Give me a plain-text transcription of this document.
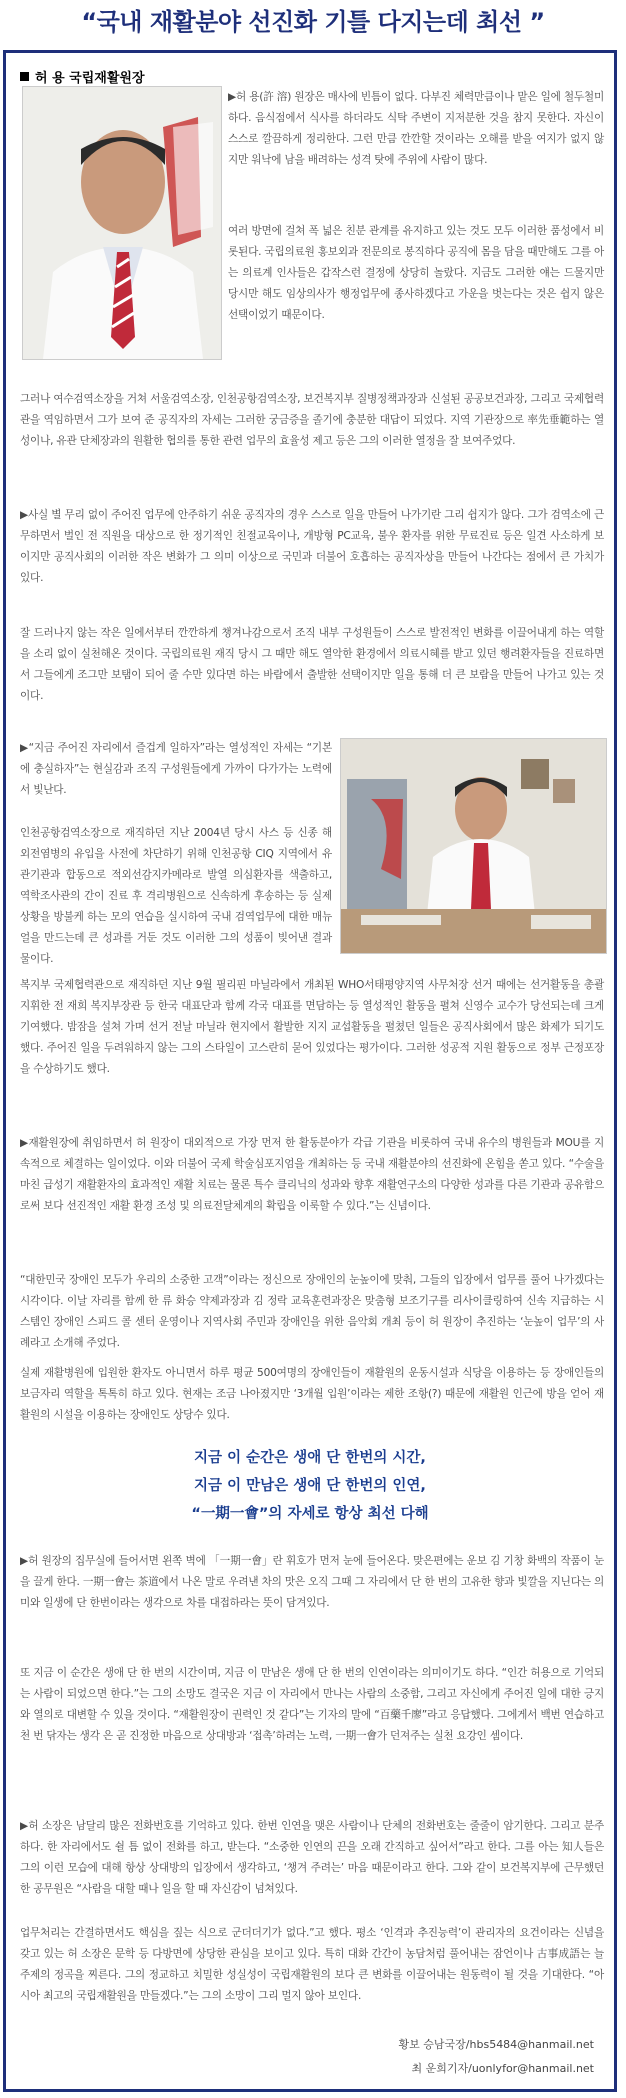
“국내 재활분야 선진화 기틀 다지는데 최선 ”
허 용 국립재활원장
▶허 용(許 溶) 원장은 매사에 빈틈이 없다. 다부진 체력만큼이나 맡은 일에 철두철미하다. 음식점에서 식사를 하더라도 식탁 주변이 지저분한 것을 참지 못한다. 자신이 스스로 깔끔하게 정리한다. 그런 만큼 깐깐할 것이라는 오해를 받을 여지가 없지 않지만 워낙에 남을 배려하는 성격 탓에 주위에 사람이 많다.
여러 방면에 걸쳐 폭 넓은 친분 관계를 유지하고 있는 것도 모두 이러한 품성에서 비롯된다. 국립의료원 홍보외과 전문의로 봉직하다 공직에 몸을 담을 때만해도 그를 아는 의료계 인사들은 갑작스런 결정에 상당히 놀랐다. 지금도 그러한 얘는 드물지만 당시만 해도 임상의사가 행정업무에 종사하겠다고 가운을 벗는다는 것은 쉽지 않은 선택이었기 때문이다.
그러나 여수검역소장을 거쳐 서울검역소장, 인천공항검역소장, 보건복지부 질병정책과장과 신설된 공공보건과장, 그리고 국제협력관을 역임하면서 그가 보여 준 공직자의 자세는 그러한 궁금증을 졸기에 충분한 대답이 되었다. 지역 기관장으로 率先垂範하는 열성이나, 유관 단체장과의 원활한 협의를 통한 관련 업무의 효율성 제고 등은 그의 이러한 열정을 잘 보여주었다.
▶사실 별 무리 없이 주어진 업무에 안주하기 쉬운 공직자의 경우 스스로 일을 만들어 나가기란 그리 쉽지가 않다. 그가 검역소에 근무하면서 벌인 전 직원을 대상으로 한 정기적인 친절교육이나, 개방형 PC교육, 불우 환자를 위한 무료진료 등은 일견 사소하게 보이지만 공직사회의 이러한 작은 변화가 그 의미 이상으로 국민과 더불어 호흡하는 공직자상을 만들어 나간다는 점에서 큰 가치가 있다.
잘 드러나지 않는 작은 일에서부터 깐깐하게 챙겨나감으로서 조직 내부 구성원들이 스스로 발전적인 변화를 이끌어내게 하는 역할을 소리 없이 실천해온 것이다. 국립의료원 재직 당시 그 때만 해도 열악한 환경에서 의료시혜를 받고 있던 행려환자들을 진료하면서 그들에게 조그만 보탬이 되어 줄 수만 있다면 하는 바람에서 출발한 선택이지만 일을 통해 더 큰 보람을 만들어 나가고 있는 것이다.
▶“지금 주어진 자리에서 즐겁게 일하자”라는 열성적인 자세는 “기본에 충실하자”는 현실감과 조직 구성원들에게 가까이 다가가는 노력에서 빛난다.
인천공항검역소장으로 재직하던 지난 2004년 당시 사스 등 신종 해외전염병의 유입을 사전에 차단하기 위해 인천공항 CIQ 지역에서 유관기관과 합동으로 적외선감지카메라로 발열 의심환자를 색출하고, 역학조사관의 간이 진료 후 격리병원으로 신속하게 후송하는 등 실제 상황을 방불케 하는 모의 연습을 실시하여 국내 검역업무에 대한 매뉴얼을 만드는데 큰 성과를 거둔 것도 이러한 그의 성품이 빚어낸 결과물이다.
복지부 국제협력관으로 재직하던 지난 9월 필리핀 마닐라에서 개최된 WHO서태평양지역 사무처장 선거 때에는 선거활동을 총괄 지휘한 전 재희 복지부장관 등 한국 대표단과 함께 각국 대표를 면담하는 등 열성적인 활동을 펼쳐 신영수 교수가 당선되는데 크게 기여했다. 밤잠을 설쳐 가며 선거 전날 마닐라 현지에서 활발한 지지 교섭활동을 펼쳤던 일들은 공직사회에서 많은 화제가 되기도 했다. 주어진 일을 두려워하지 않는 그의 스타일이 고스란히 묻어 있었다는 평가이다. 그러한 성공적 지원 활동으로 정부 근정포장을 수상하기도 했다.
▶재활원장에 취임하면서 허 원장이 대외적으로 가장 먼저 한 활동분야가 각급 기관을 비롯하여 국내 유수의 병원들과 MOU를 지속적으로 체결하는 일이었다. 이와 더불어 국제 학술심포지엄을 개최하는 등 국내 재활분야의 선진화에 온힘을 쏟고 있다. “수술을 마친 급성기 재활환자의 효과적인 재활 치료는 물론 특수 클리닉의 성과와 향후 재활연구소의 다양한 성과를 다른 기관과 공유함으로써 보다 선진적인 재활 환경 조성 및 의료전달체계의 확립을 이룩할 수 있다.”는 신념이다.
“대한민국 장애인 모두가 우리의 소중한 고객”이라는 정신으로 장애인의 눈높이에 맞춰, 그들의 입장에서 업무를 풀어 나가겠다는 시각이다. 이날 자리를 함께 한 류 화승 약제과장과 김 정락 교육훈련과장은 맞춤형 보조기구를 리사이클링하여 신속 지급하는 시스템인 장애인 스피드 콜 센터 운영이나 지역사회 주민과 장애인을 위한 음악회 개최 등이 허 원장이 추진하는 ‘눈높이 업무’의 사례라고 소개해 주었다.
실제 재활병원에 입원한 환자도 아니면서 하루 평균 500여명의 장애인들이 재활원의 운동시설과 식당을 이용하는 등 장애인들의 보금자리 역할을 톡톡히 하고 있다. 현재는 조금 나아졌지만 ‘3개월 입원’이라는 제한 조항(?) 때문에 재활원 인근에 방을 얻어 재활원의 시설을 이용하는 장애인도 상당수 있다.
지금 이 순간은 생애 단 한번의 시간,
지금 이 만남은 생애 단 한번의 인연,
“一期一會”의 자세로 항상 최선 다해
▶허 원장의 집무실에 들어서면 왼쪽 벽에 「一期一會」란 휘호가 먼저 눈에 들어온다. 맞은편에는 운보 김 기창 화백의 작품이 눈을 끌게 한다. 一期一會는 茶道에서 나온 말로 우려낸 차의 맛은 오직 그때 그 자리에서 단 한 번의 고유한 향과 빛깔을 지닌다는 의미와 일생에 단 한번이라는 생각으로 차를 대접하라는 뜻이 담겨있다.
또 지금 이 순간은 생애 단 한 번의 시간이며, 지금 이 만남은 생애 단 한 번의 인연이라는 의미이기도 하다. “인간 허용으로 기억되는 사람이 되었으면 한다.”는 그의 소망도 결국은 지금 이 자리에서 만나는 사람의 소중함, 그리고 자신에게 주어진 일에 대한 긍지와 열의로 대변할 수 있을 것이다. “재활원장이 권력인 것 같다”는 기자의 말에 “百藥千廖”라고 응답했다. 그에게서 백번 연습하고 천 번 닦자는 생각 은 곧 진정한 마음으로 상대방과 ‘접촉’하려는 노력, 一期一會가 던져주는 실천 요강인 셈이다.
▶허 소장은 남달리 많은 전화번호를 기억하고 있다. 한번 인연을 맺은 사람이나 단체의 전화번호는 줄줄이 암기한다. 그리고 분주하다. 한 자리에서도 쉴 틈 없이 전화를 하고, 받는다. “소중한 인연의 끈을 오래 간직하고 싶어서”라고 한다. 그를 아는 知人들은 그의 이런 모습에 대해 항상 상대방의 입장에서 생각하고, ‘챙겨 주려는’ 마음 때문이라고 한다. 그와 같이 보건복지부에 근무했던 한 공무원은 “사람을 대할 때나 일을 할 때 자신감이 넘쳐있다.
업무처리는 간결하면서도 핵심을 짚는 식으로 군더더기가 없다.”고 했다. 평소 ‘인격과 추진능력’이 관리자의 요건이라는 신념을 갖고 있는 허 소장은 문학 등 다방면에 상당한 관심을 보이고 있다. 특히 대화 간간이 농담처럼 풀어내는 잠언이나 古事成語는 늘 주제의 정곡을 찌른다. 그의 정교하고 치밀한 성실성이 국립재활원의 보다 큰 변화를 이끌어내는 원동력이 될 것을 기대한다. “아시아 최고의 국립재활원을 만들겠다.”는 그의 소망이 그리 멀지 않아 보인다.
황보 승남국장/hbs5484@hanmail.net
최 운희기자/uonlyfor@hanmail.net
